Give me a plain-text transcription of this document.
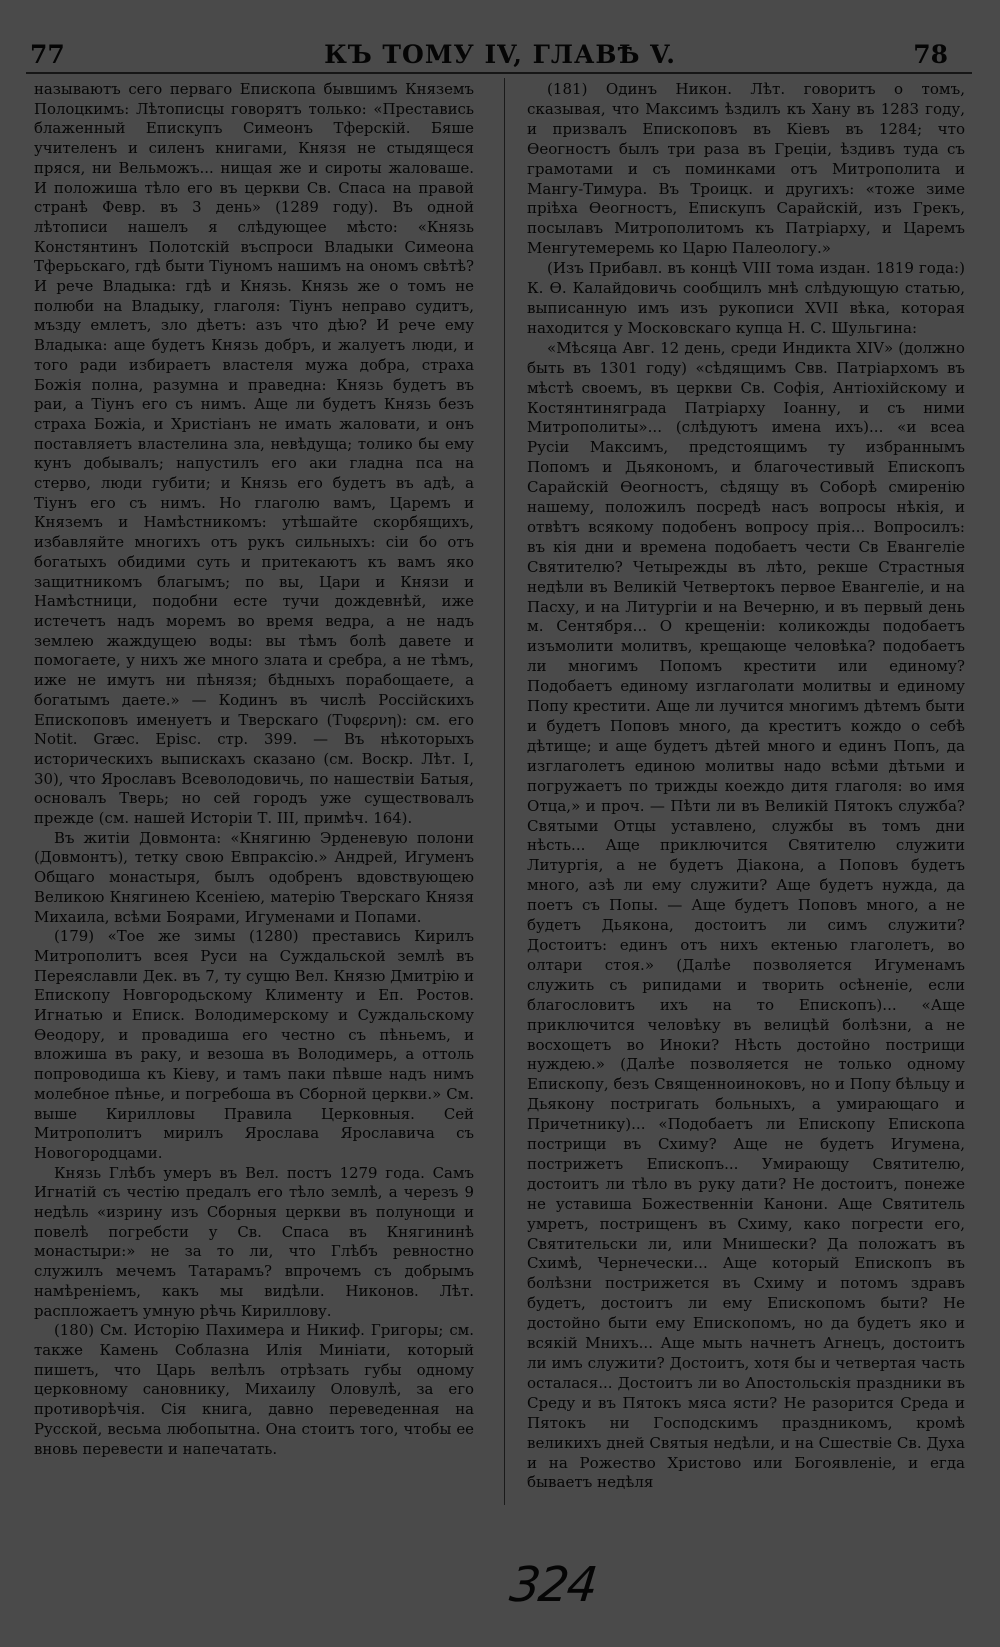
77	КЪ ТОМУ IV, ГЛАВѢ V.	78

называютъ сего перваго Епископа бывшимъ Княземъ Полоцкимъ: Лѣтописцы говорятъ только: «Преставись блаженный Епискупъ Симеонъ Тферскій. Бяше учителенъ и силенъ книгами, Князя не стыдящеся пряся, ни Вельможъ... нищая же и сироты жаловаше. И положиша тѣло его въ церкви Св. Спаса на правой странѣ Февр. въ 3 день» (1289 году). Въ одной лѣтописи нашелъ я слѣдующее мѣсто: «Князь Констянтинъ Полотскій въспроси Владыки Симеона Тферьскаго, гдѣ быти Тіуномъ нашимъ на ономъ свѣтѣ? И рече Владыка: гдѣ и Князь. Князь же о томъ не полюби на Владыку, глаголя: Тіунъ неправо судитъ, мъзду емлетъ, зло дѣетъ: азъ что дѣю? И рече ему Владыка: аще будетъ Князь добръ, и жалуетъ люди, и того ради избираетъ властеля мужа добра, страха Божія полна, разумна и праведна: Князь будетъ въ раи, а Тіунъ его съ нимъ. Аще ли будетъ Князь безъ страха Божіа, и Христіанъ не имать жаловати, и онъ поставляетъ властелина зла, невѣдуща; толико бы ему кунъ добывалъ; напустилъ его аки гладна пса на стерво, люди губити; и Князь его будетъ въ адѣ, а Тіунъ его съ нимъ. Но глаголю вамъ, Царемъ и Княземъ и Намѣстникомъ: утѣшайте скорбящихъ, избавляйте многихъ отъ рукъ сильныхъ: сіи бо отъ богатыхъ обидими суть и притекаютъ къ вамъ яко защитникомъ благымъ; по вы, Цари и Князи и Намѣстници, подобни есте тучи дождевнѣй, иже истечетъ надъ моремъ во время ведра, а не надъ землею жаждущею воды: вы тѣмъ болѣ давете и помогаете, у нихъ же много злата и сребра, а не тѣмъ, иже не имутъ ни пѣнязя; бѣдныхъ порабощаете, а богатымъ даете.» — Кодинъ въ числѣ Россійскихъ Епископовъ именуетъ и Тверскаго (Τυφερνη): см. его Notit. Græc. Episc. стр. 399. — Въ нѣкоторыхъ историческихъ выпискахъ сказано (см. Воскр. Лѣт. I, 30), что Ярославъ Всеволодовичь, по нашествіи Батыя, основалъ Тверь; но сей городъ уже существовалъ прежде (см. нашей Исторіи Т. III, примѣч. 164).

Въ житіи Довмонта: «Княгиню Эрденевую полони (Довмонтъ), тетку свою Евпраксію.» Андрей, Игуменъ Общаго монастыря, былъ одобренъ вдовствующею Великою Княгинею Ксеніею, матерію Тверскаго Князя Михаила, всѣми Боярами, Игуменами и Попами.

(179) «Тое же зимы (1280) преставись Кирилъ Митрополитъ всея Руси на Суждальской землѣ въ Переяславли Дек. въ 7, ту сущю Вел. Князю Дмитрію и Епископу Новгородьскому Клименту и Еп. Ростов. Игнатью и Еписк. Володимерскому и Суждальскому Ѳеодору, и провадиша его честно съ пѣньемъ, и вложиша въ раку, и везоша въ Володимерь, а оттоль попроводиша къ Кіеву, и тамъ паки пѣвше надъ нимъ молебное пѣнье, и погребоша въ Сборной церкви.» См. выше Кирилловы Правила Церковныя. Сей Митрополитъ мирилъ Ярослава Ярославича съ Новогородцами.

Князь Глѣбъ умеръ въ Вел. постъ 1279 года. Самъ Игнатій съ честію предалъ его тѣло землѣ, а черезъ 9 недѣль «изрину изъ Сборныя церкви въ полунощи и повелѣ погребсти у Св. Спаса въ Княгининѣ монастыри:» не за то ли, что Глѣбъ ревностно служилъ мечемъ Татарамъ? впрочемъ съ добрымъ намѣреніемъ, какъ мы видѣли. Никонов. Лѣт. распложаетъ умную рѣчь Кириллову.

(180) См. Исторію Пахимера и Никиф. Григоры; см. также Камень Соблазна Илія Миніати, который пишетъ, что Царь велѣлъ отрѣзать губы одному церковному сановнику, Михаилу Оловулѣ, за его противорѣчія. Сія книга, давно переведенная на Русской, весьма любопытна. Она стоитъ того, чтобы ее вновь перевести и напечатать.

(181) Одинъ Никон. Лѣт. говоритъ о томъ, сказывая, что Максимъ ѣздилъ къ Хану въ 1283 году, и призвалъ Епископовъ въ Кіевъ въ 1284; что Ѳеогностъ былъ три раза въ Греціи, ѣздивъ туда съ грамотами и съ поминками отъ Митрополита и Мангу-Тимура. Въ Троицк. и другихъ: «тоже зиме пріѣха Ѳеогностъ, Епискупъ Сарайскій, изъ Грекъ, посылавъ Митрополитомъ къ Патріарху, и Царемъ Менгутемеремь ко Царю Палеологу.»

(Изъ Прибавл. въ концѣ VIII тома издан. 1819 года:) К. Ѳ. Калайдовичь сообщилъ мнѣ слѣдующую статью, выписанную имъ изъ рукописи XVII вѣка, которая находится у Московскаго купца Н. С. Шульгина:

«Мѣсяца Авг. 12 день, среди Индикта XIV» (должно быть въ 1301 году) «сѣдящимъ Свв. Патріархомъ въ мѣстѣ своемъ, въ церкви Св. Софія, Антіохійскому и Костянтиняграда Патріарху Іоанну, и съ ними Митрополиты»... (слѣдуютъ имена ихъ)... «и всеа Русіи Максимъ, предстоящимъ ту избраннымъ Попомъ и Дьякономъ, и благочестивый Епископъ Сарайскій Ѳеогностъ, сѣдящу въ Соборѣ смиренію нашему, положилъ посредѣ насъ вопросы нѣкія, и отвѣтъ всякому подобенъ вопросу прія... Вопросилъ: въ кія дни и времена подобаетъ чести Св Евангеліе Святителю? Четырежды въ лѣто, рекше Страстныя недѣли въ Великій Четвертокъ первое Евангеліе, и на Пасху, и на Литургіи и на Вечерню, и въ первый день м. Сентября... О крещеніи: коликожды подобаетъ изъмолити молитвъ, крещающе человѣка? подобаетъ ли многимъ Попомъ крестити или единому? Подобаетъ единому изглаголати молитвы и единому Попу крестити. Аще ли лучится многимъ дѣтемъ быти и будетъ Поповъ много, да креститъ кождо о себѣ дѣтище; и аще будетъ дѣтей много и единъ Попъ, да изглаголетъ единою молитвы надо всѣми дѣтьми и погружаетъ по трижды коеждо дитя глаголя: во имя Отца,» и проч. — Пѣти ли въ Великій Пятокъ служба? Святыми Отцы уставлено, службы въ томъ дни нѣсть... Аще приключится Святителю служити Литургія, а не будетъ Діакона, а Поповъ будетъ много, азѣ ли ему служити? Аще будетъ нужда, да поетъ съ Попы. — Аще будетъ Поповъ много, а не будетъ Дьякона, достоитъ ли симъ служити? Достоитъ: единъ отъ нихъ ектенью глаголетъ, во олтари стоя.» (Далѣе позволяется Игуменамъ служить съ рипидами и творить осѣненіе, если благословитъ ихъ на то Епископъ)... «Аще приключится человѣку въ велицѣй болѣзни, а не восхощетъ во Иноки? Нѣсть достойно пострищи нуждею.» (Далѣе позволяется не только одному Епископу, безъ Священноиноковъ, но и Попу бѣльцу и Дьякону постригать больныхъ, а умирающаго и Причетнику)... «Подобаетъ ли Епископу Епископа пострищи въ Схиму? Аще не будетъ Игумена, пострижетъ Епископъ... Умирающу Святителю, достоитъ ли тѣло въ руку дати? Не достоитъ, понеже не уставиша Божественніи Канони. Аще Святитель умретъ, пострищенъ въ Схиму, како погрести его, Святительски ли, или Мнишески? Да положатъ въ Схимѣ, Чернечески... Аще который Епископъ въ болѣзни пострижется въ Схиму и потомъ здравъ будетъ, достоитъ ли ему Епископомъ быти? Не достойно быти ему Епископомъ, но да будетъ яко и всякій Мнихъ... Аще мыть начнетъ Агнецъ, достоитъ ли имъ служити? Достоитъ, хотя бы и четвертая часть осталася... Достоитъ ли во Апостольскія праздники въ Среду и въ Пятокъ мяса ясти? Не разорится Среда и Пятокъ ни Господскимъ праздникомъ, кромѣ великихъ дней Святыя недѣли, и на Сшествіе Св. Духа и на Рожество Христово или Богоявленіе, и егда бываетъ недѣля

324
